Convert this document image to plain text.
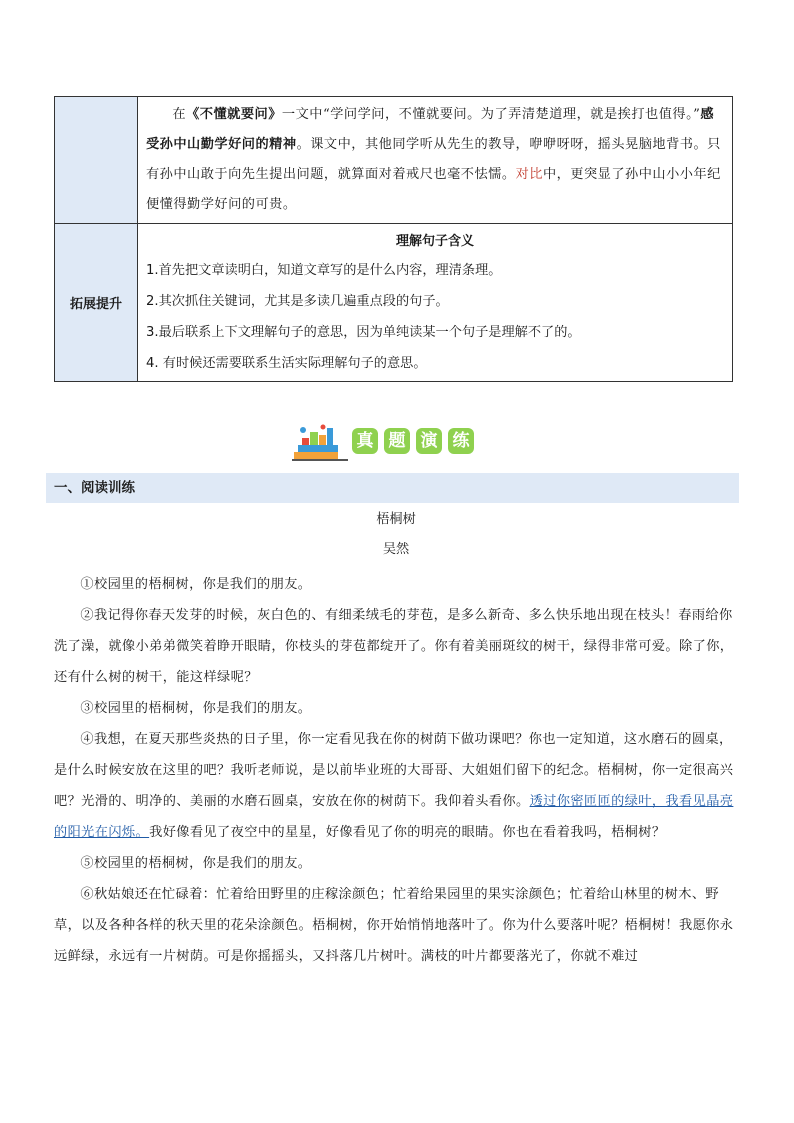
	在《不懂就要问》一文中“学问学问，不懂就要问。为了弄清楚道理，就是挨打也值得。”感受孙中山勤学好问的精神。课文中，其他同学听从先生的教导，咿咿呀呀，摇头晃脑地背书。只有孙中山敢于向先生提出问题，就算面对着戒尺也毫不怯懦。对比中，更突显了孙中山小小年纪便懂得勤学好问的可贵。

拓展提升	理解句子含义

1.首先把文章读明白，知道文章写的是什么内容，理清条理。

2.其次抓住关键词，尤其是多读几遍重点段的句子。

3.最后联系上下文理解句子的意思，因为单纯读某一个句子是理解不了的。

4. 有时候还需要联系生活实际理解句子的意思。

真 题 演 练
一、阅读训练

梧桐树

吴然

①校园里的梧桐树，你是我们的朋友。

②我记得你春天发芽的时候，灰白色的、有细柔绒毛的芽苞，是多么新奇、多么快乐地出现在枝头！春雨给你洗了澡，就像小弟弟微笑着睁开眼睛，你枝头的芽苞都绽开了。你有着美丽斑纹的树干，绿得非常可爱。除了你，还有什么树的树干，能这样绿呢？

③校园里的梧桐树，你是我们的朋友。

④我想，在夏天那些炎热的日子里，你一定看见我在你的树荫下做功课吧？你也一定知道，这水磨石的圆桌，是什么时候安放在这里的吧？我听老师说，是以前毕业班的大哥哥、大姐姐们留下的纪念。梧桐树，你一定很高兴吧？光滑的、明净的、美丽的水磨石圆桌，安放在你的树荫下。我仰着头看你。透过你密匝匝的绿叶，我看见晶亮的阳光在闪烁。我好像看见了夜空中的星星，好像看见了你的明亮的眼睛。你也在看着我吗，梧桐树？

⑤校园里的梧桐树，你是我们的朋友。

⑥秋姑娘还在忙碌着：忙着给田野里的庄稼涂颜色；忙着给果园里的果实涂颜色；忙着给山林里的树木、野草，以及各种各样的秋天里的花朵涂颜色。梧桐树，你开始悄悄地落叶了。你为什么要落叶呢？梧桐树！我愿你永远鲜绿，永远有一片树荫。可是你摇摇头，又抖落几片树叶。满枝的叶片都要落光了，你就不难过
